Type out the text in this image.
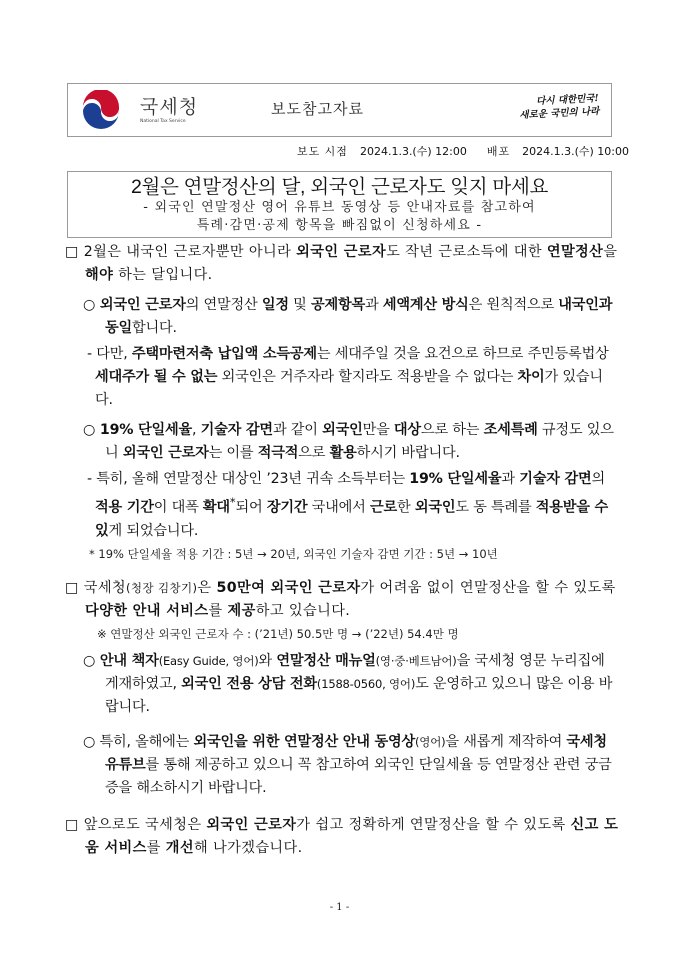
국세청
National Tax Service
보도참고자료	다시 대한민국!
새로운 국민의 나라
보도 시점 2024.1.3.(수) 12:00 배포 2024.1.3.(수) 10:00
2월은 연말정산의 달, 외국인 근로자도 잊지 마세요
- 외국인 연말정산 영어 유튜브 동영상 등 안내자료를 참고하여
특례·감면·공제 항목을 빠짐없이 신청하세요 -
□ 2월은 내국인 근로자뿐만 아니라 외국인 근로자도 작년 근로소득에 대한 연말정산을 해야 하는 달입니다.
○ 외국인 근로자의 연말정산 일정 및 공제항목과 세액계산 방식은 원칙적으로 내국인과 동일합니다.
- 다만, 주택마련저축 납입액 소득공제는 세대주일 것을 요건으로 하므로 주민등록법상 세대주가 될 수 없는 외국인은 거주자라 할지라도 적용받을 수 없다는 차이가 있습니다.
○ 19% 단일세율, 기술자 감면과 같이 외국인만을 대상으로 하는 조세특례 규정도 있으니 외국인 근로자는 이를 적극적으로 활용하시기 바랍니다.
- 특히, 올해 연말정산 대상인 ’23년 귀속 소득부터는 19% 단일세율과 기술자 감면의 적용 기간이 대폭 확대*되어 장기간 국내에서 근로한 외국인도 동 특례를 적용받을 수 있게 되었습니다.
* 19% 단일세율 적용 기간 : 5년 → 20년, 외국인 기술자 감면 기간 : 5년 → 10년
□ 국세청(청장 김창기)은 50만여 외국인 근로자가 어려움 없이 연말정산을 할 수 있도록 다양한 안내 서비스를 제공하고 있습니다.
※ 연말정산 외국인 근로자 수 : (’21년) 50.5만 명 → (’22년) 54.4만 명
○ 안내 책자(Easy Guide, 영어)와 연말정산 매뉴얼(영·중·베트남어)을 국세청 영문 누리집에 게재하였고, 외국인 전용 상담 전화(1588-0560, 영어)도 운영하고 있으니 많은 이용 바랍니다.
○ 특히, 올해에는 외국인을 위한 연말정산 안내 동영상(영어)을 새롭게 제작하여 국세청 유튜브를 통해 제공하고 있으니 꼭 참고하여 외국인 단일세율 등 연말정산 관련 궁금증을 해소하시기 바랍니다.
□ 앞으로도 국세청은 외국인 근로자가 쉽고 정확하게 연말정산을 할 수 있도록 신고 도움 서비스를 개선해 나가겠습니다.
- 1 -
